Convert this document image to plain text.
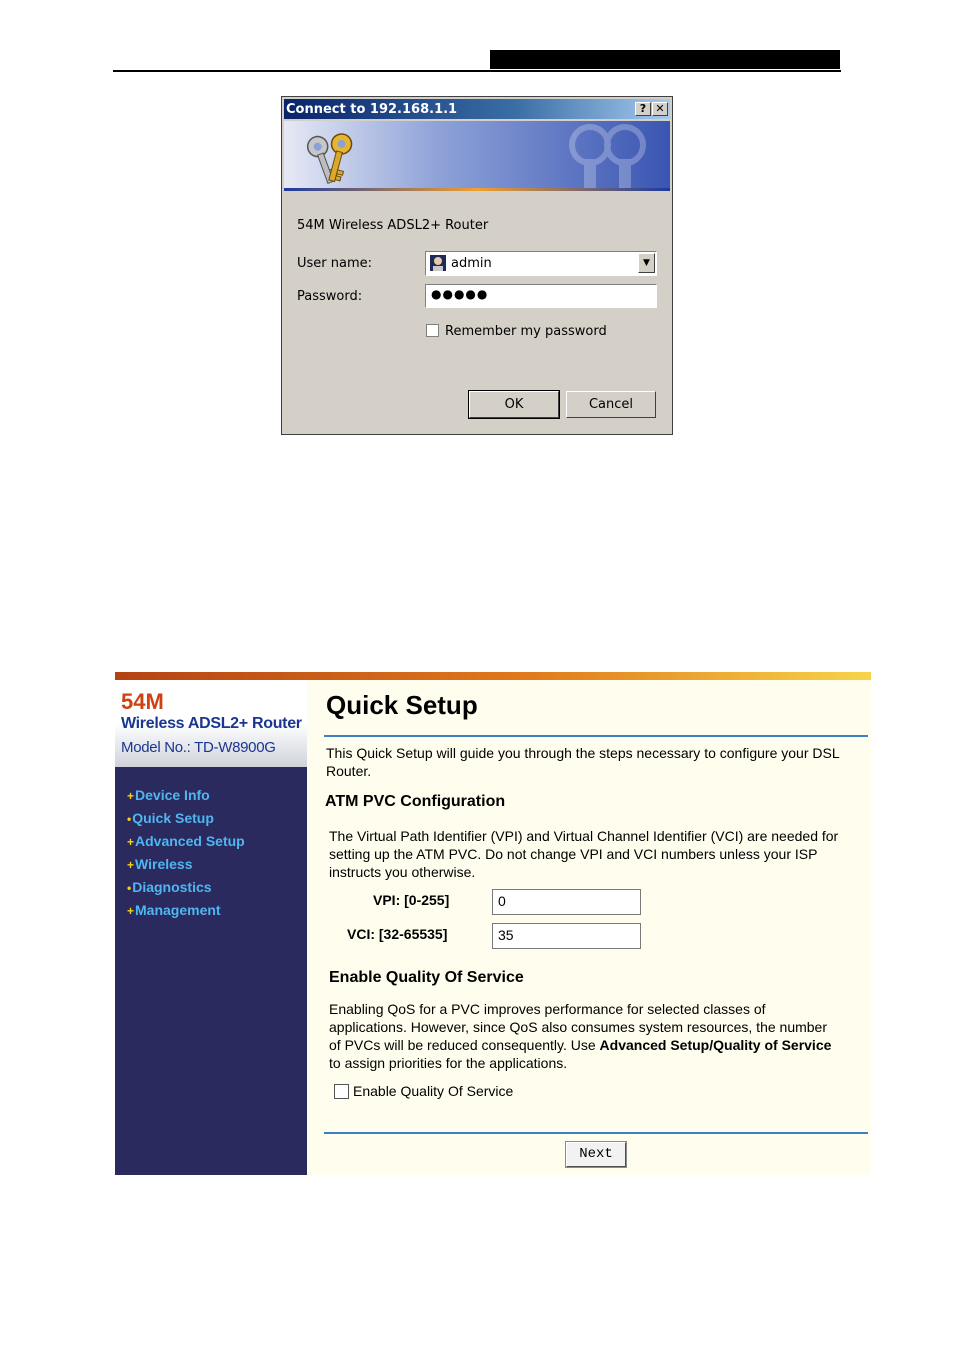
Connect to 192.168.1.1	? ✕
54M Wireless ADSL2+ Router
User name:	admin	▼
Password:	●●●●●
Remember my password
OK	Cancel
54M
Wireless ADSL2+ Router
Model No.: TD-W8900G
+Device Info
•Quick Setup
+Advanced Setup
+Wireless
•Diagnostics
+Management
Quick Setup
This Quick Setup will guide you through the steps necessary to configure your DSL
Router.
ATM PVC Configuration
The Virtual Path Identifier (VPI) and Virtual Channel Identifier (VCI) are needed for
setting up the ATM PVC. Do not change VPI and VCI numbers unless your ISP
instructs you otherwise.
VPI: [0-255]	0
VCI: [32-65535]	35
Enable Quality Of Service
Enabling QoS for a PVC improves performance for selected classes of
applications. However, since QoS also consumes system resources, the number
of PVCs will be reduced consequently. Use Advanced Setup/Quality of Service
to assign priorities for the applications.
Enable Quality Of Service
Next
